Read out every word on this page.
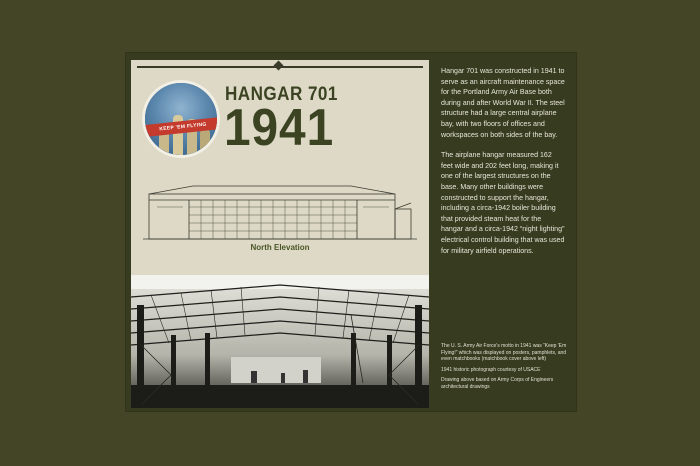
KEEP 'EM FLYING
HANGAR 701
1941
North Elevation

Hangar 701 was constructed in 1941 to serve as an aircraft maintenance space for the Portland Army Air Base both during and after World War II. The steel structure had a large central airplane bay, with two floors of offices and workspaces on both sides of the bay.

The airplane hangar measured 162 feet wide and 202 feet long, making it one of the largest structures on the base. Many other buildings were constructed to support the hangar, including a circa-1942 boiler building that provided steam heat for the hangar and a circa-1942 “night lighting” electrical control building that was used for military airfield operations.

The U. S. Army Air Force's motto in 1941 was “Keep 'Em Flying!” which was displayed on posters, pamphlets, and even matchbooks (matchbook cover above left)

1941 historic photograph courtesy of USACE

Drawing above based on Army Corps of Engineers architectural drawings
